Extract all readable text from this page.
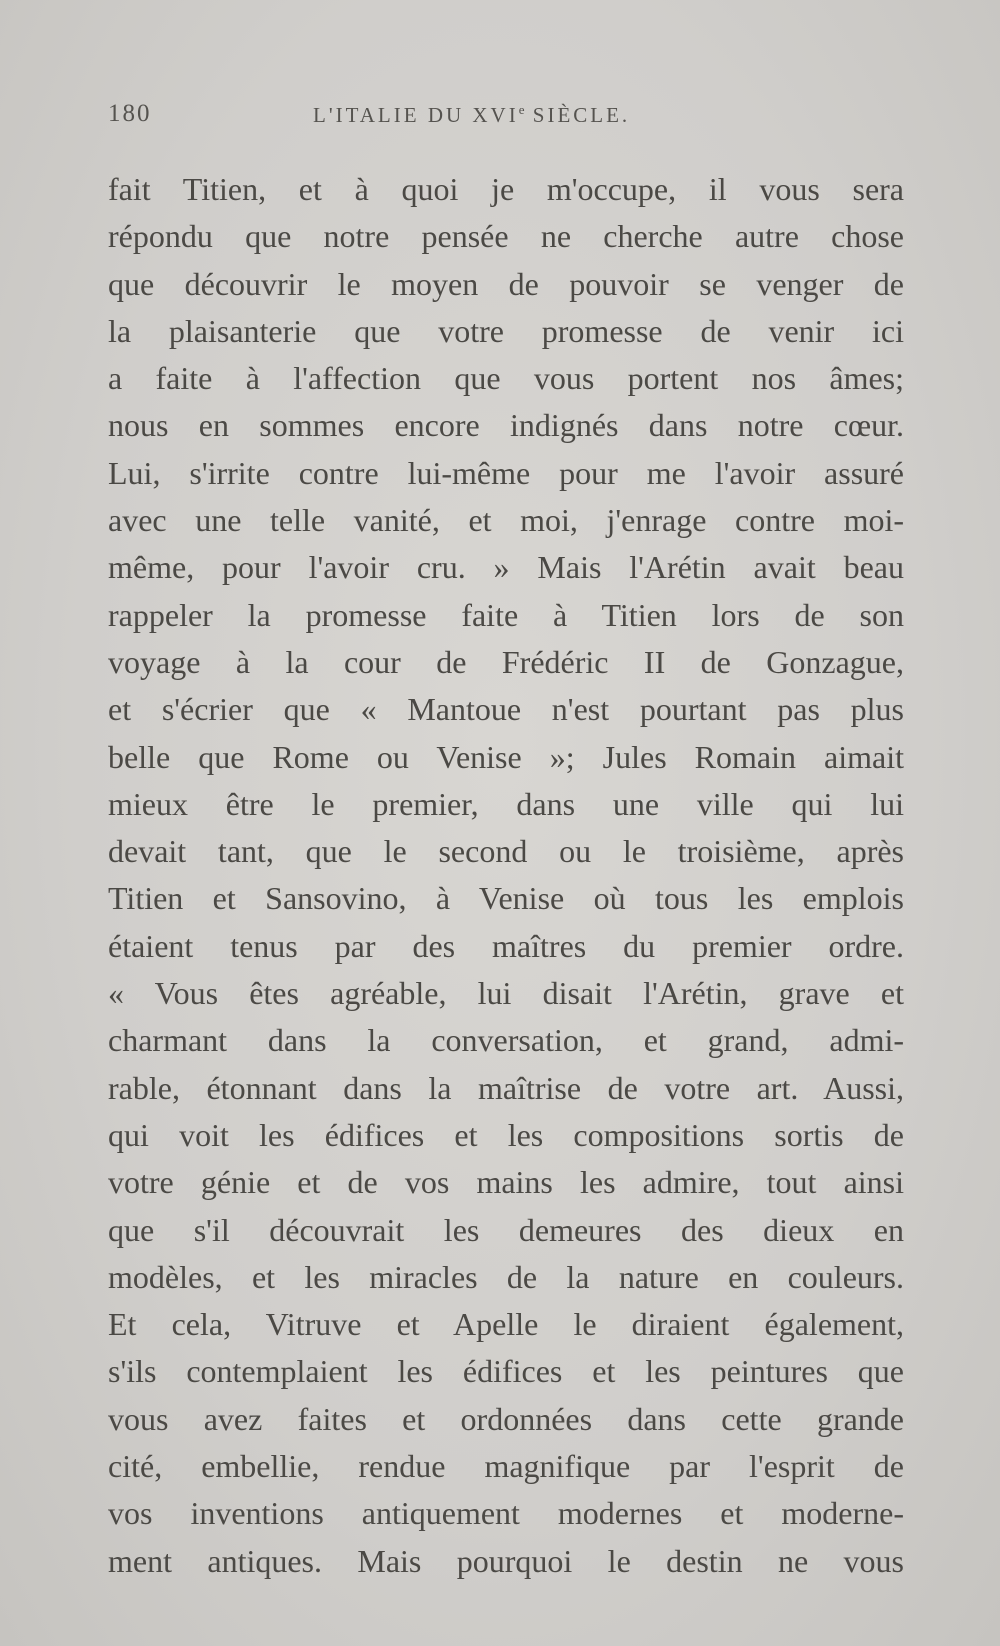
180	L'ITALIE DU XVIe SIÈCLE.
fait Titien, et à quoi je m'occupe, il vous sera
répondu que notre pensée ne cherche autre chose
que découvrir le moyen de pouvoir se venger de
la plaisanterie que votre promesse de venir ici
a faite à l'affection que vous portent nos âmes;
nous en sommes encore indignés dans notre cœur.
Lui, s'irrite contre lui-même pour me l'avoir assuré
avec une telle vanité, et moi, j'enrage contre moi-
même, pour l'avoir cru. » Mais l'Arétin avait beau
rappeler la promesse faite à Titien lors de son
voyage à la cour de Frédéric II de Gonzague,
et s'écrier que « Mantoue n'est pourtant pas plus
belle que Rome ou Venise »; Jules Romain aimait
mieux être le premier, dans une ville qui lui
devait tant, que le second ou le troisième, après
Titien et Sansovino, à Venise où tous les emplois
étaient tenus par des maîtres du premier ordre.
« Vous êtes agréable, lui disait l'Arétin, grave et
charmant dans la conversation, et grand, admi-
rable, étonnant dans la maîtrise de votre art. Aussi,
qui voit les édifices et les compositions sortis de
votre génie et de vos mains les admire, tout ainsi
que s'il découvrait les demeures des dieux en
modèles, et les miracles de la nature en couleurs.
Et cela, Vitruve et Apelle le diraient également,
s'ils contemplaient les édifices et les peintures que
vous avez faites et ordonnées dans cette grande
cité, embellie, rendue magnifique par l'esprit de
vos inventions antiquement modernes et moderne-
ment antiques. Mais pourquoi le destin ne vous
